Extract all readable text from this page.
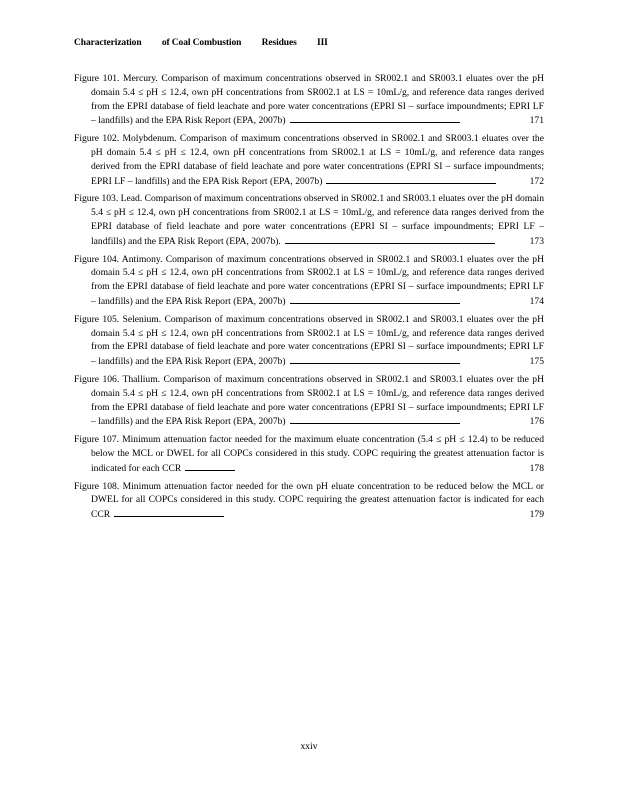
Characterization of Coal Combustion Residues III
Figure 101. Mercury. Comparison of maximum concentrations observed in SR002.1 and SR003.1 eluates over the pH domain 5.4 ≤ pH ≤ 12.4, own pH concentrations from SR002.1 at LS = 10mL/g, and reference data ranges derived from the EPRI database of field leachate and pore water concentrations (EPRI SI – surface impoundments; EPRI LF – landfills) and the EPA Risk Report (EPA, 2007b)	171
Figure 102. Molybdenum. Comparison of maximum concentrations observed in SR002.1 and SR003.1 eluates over the pH domain 5.4 ≤ pH ≤ 12.4, own pH concentrations from SR002.1 at LS = 10mL/g, and reference data ranges derived from the EPRI database of field leachate and pore water concentrations (EPRI SI – surface impoundments; EPRI LF – landfills) and the EPA Risk Report (EPA, 2007b)	172
Figure 103. Lead. Comparison of maximum concentrations observed in SR002.1 and SR003.1 eluates over the pH domain 5.4 ≤ pH ≤ 12.4, own pH concentrations from SR002.1 at LS = 10mL/g, and reference data ranges derived from the EPRI database of field leachate and pore water concentrations (EPRI SI – surface impoundments; EPRI LF – landfills) and the EPA Risk Report (EPA, 2007b).	173
Figure 104. Antimony. Comparison of maximum concentrations observed in SR002.1 and SR003.1 eluates over the pH domain 5.4 ≤ pH ≤ 12.4, own pH concentrations from SR002.1 at LS = 10mL/g, and reference data ranges derived from the EPRI database of field leachate and pore water concentrations (EPRI SI – surface impoundments; EPRI LF – landfills) and the EPA Risk Report (EPA, 2007b)	174
Figure 105. Selenium. Comparison of maximum concentrations observed in SR002.1 and SR003.1 eluates over the pH domain 5.4 ≤ pH ≤ 12.4, own pH concentrations from SR002.1 at LS = 10mL/g, and reference data ranges derived from the EPRI database of field leachate and pore water concentrations (EPRI SI – surface impoundments; EPRI LF – landfills) and the EPA Risk Report (EPA, 2007b)	175
Figure 106. Thallium. Comparison of maximum concentrations observed in SR002.1 and SR003.1 eluates over the pH domain 5.4 ≤ pH ≤ 12.4, own pH concentrations from SR002.1 at LS = 10mL/g, and reference data ranges derived from the EPRI database of field leachate and pore water concentrations (EPRI SI – surface impoundments; EPRI LF – landfills) and the EPA Risk Report (EPA, 2007b)	176
Figure 107. Minimum attenuation factor needed for the maximum eluate concentration (5.4 ≤ pH ≤ 12.4) to be reduced below the MCL or DWEL for all COPCs considered in this study. COPC requiring the greatest attenuation factor is indicated for each CCR	178
Figure 108. Minimum attenuation factor needed for the own pH eluate concentration to be reduced below the MCL or DWEL for all COPCs considered in this study. COPC requiring the greatest attenuation factor is indicated for each CCR	179
xxiv
